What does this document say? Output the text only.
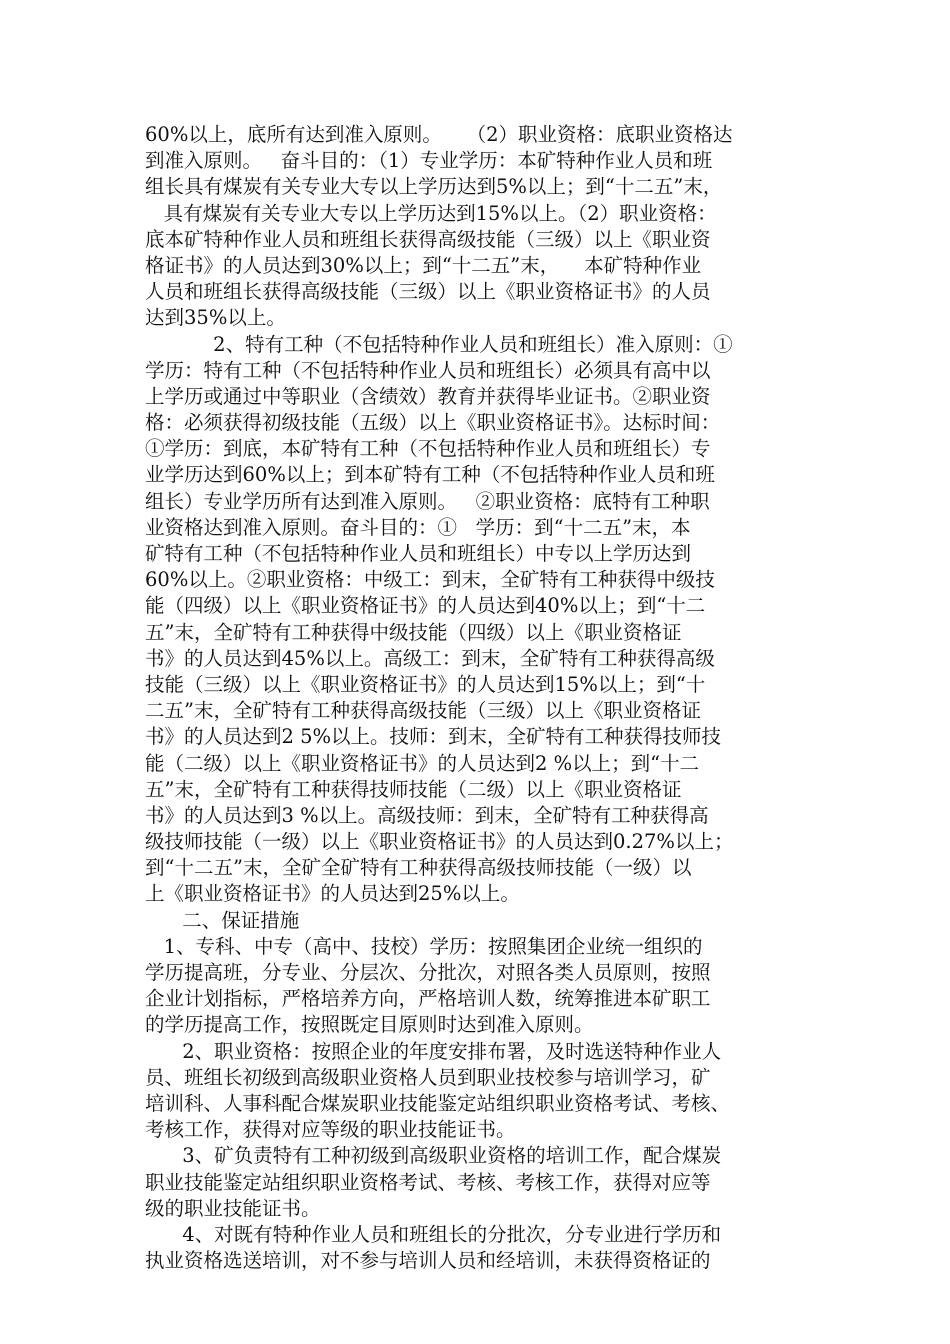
60%以上，底所有达到准入原则。    （2）职业资格：底职业资格达
到准入原则。   奋斗目的：（1）专业学历：本矿特种作业人员和班
组长具有煤炭有关专业大专以上学历达到5%以上；到“十二五”末，
具有煤炭有关专业大专以上学历达到15%以上。（2）职业资格：
底本矿特种作业人员和班组长获得高级技能（三级）以上《职业资
格证书》的人员达到30%以上；到“十二五”末，    本矿特种作业
人员和班组长获得高级技能（三级）以上《职业资格证书》的人员
达到35%以上。
2、特有工种（不包括特种作业人员和班组长）准入原则：①
学历：特有工种（不包括特种作业人员和班组长）必须具有高中以
上学历或通过中等职业（含绩效）教育并获得毕业证书。②职业资
格：必须获得初级技能（五级）以上《职业资格证书》。达标时间：
①学历：到底，本矿特有工种（不包括特种作业人员和班组长）专
业学历达到60%以上；到本矿特有工种（不包括特种作业人员和班
组长）专业学历所有达到准入原则。   ②职业资格：底特有工种职
业资格达到准入原则。奋斗目的：①   学历：到“十二五”末，本
矿特有工种（不包括特种作业人员和班组长）中专以上学历达到
60%以上。②职业资格：中级工：到末，全矿特有工种获得中级技
能（四级）以上《职业资格证书》的人员达到40%以上；到“十二
五”末，全矿特有工种获得中级技能（四级）以上《职业资格证
书》的人员达到45%以上。高级工：到末，全矿特有工种获得高级
技能（三级）以上《职业资格证书》的人员达到15%以上；到“十
二五”末，全矿特有工种获得高级技能（三级）以上《职业资格证
书》的人员达到2 5%以上。技师：到末，全矿特有工种获得技师技
能（二级）以上《职业资格证书》的人员达到2 %以上；到“十二
五”末，全矿特有工种获得技师技能（二级）以上《职业资格证
书》的人员达到3 %以上。高级技师：到末，全矿特有工种获得高
级技师技能（一级）以上《职业资格证书》的人员达到0.27%以上；
到“十二五”末，全矿全矿特有工种获得高级技师技能（一级）以
上《职业资格证书》的人员达到25%以上。
二、保证措施
1、专科、中专（高中、技校）学历：按照集团企业统一组织的
学历提高班，分专业、分层次、分批次，对照各类人员原则，按照
企业计划指标，严格培养方向，严格培训人数，统筹推进本矿职工
的学历提高工作，按照既定目原则时达到准入原则。
2、职业资格：按照企业的年度安排布署，及时选送特种作业人
员、班组长初级到高级职业资格人员到职业技校参与培训学习，矿
培训科、人事科配合煤炭职业技能鉴定站组织职业资格考试、考核、
考核工作，获得对应等级的职业技能证书。
3、矿负责特有工种初级到高级职业资格的培训工作，配合煤炭
职业技能鉴定站组织职业资格考试、考核、考核工作，获得对应等
级的职业技能证书。
4、对既有特种作业人员和班组长的分批次，分专业进行学历和
执业资格选送培训，对不参与培训人员和经培训，未获得资格证的
